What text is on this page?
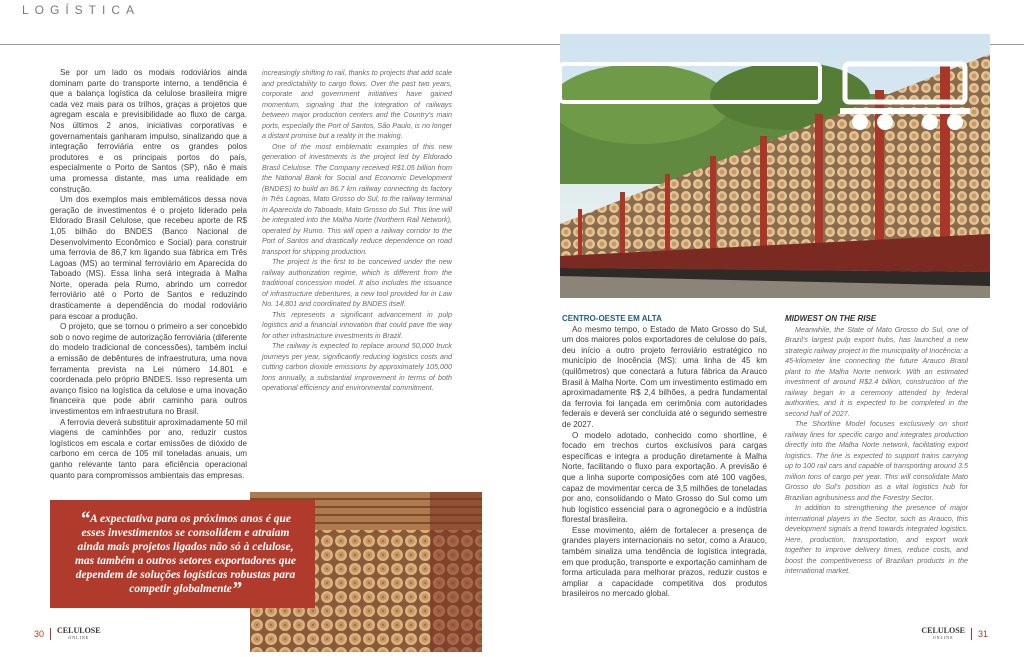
LOGÍSTICA

Se por um lado os modais rodoviários ainda dominam parte do transporte interno, a tendência é que a balança logística da celulose brasileira migre cada vez mais para os trilhos, graças a projetos que agregam escala e previsibilidade ao fluxo de carga. Nos últimos 2 anos, iniciativas corporativas e governamentais ganharam impulso, sinalizando que a integração ferroviária entre os grandes polos produtores e os principais portos do país, especialmente o Porto de Santos (SP), não é mais uma promessa distante, mas uma realidade em construção.

Um dos exemplos mais emblemáticos dessa nova geração de investimentos é o projeto liderado pela Eldorado Brasil Celulose, que recebeu aporte de R$ 1,05 bilhão do BNDES (Banco Nacional de Desenvolvimento Econômico e Social) para construir uma ferrovia de 86,7 km ligando sua fábrica em Três Lagoas (MS) ao terminal ferroviário em Aparecida do Taboado (MS). Essa linha será integrada à Malha Norte, operada pela Rumo, abrindo um corredor ferroviário até o Porto de Santos e reduzindo drasticamente a dependência do modal rodoviário para escoar a produção.

O projeto, que se tornou o primeiro a ser concebido sob o novo regime de autorização ferroviária (diferente do modelo tradicional de concessões), também inclui a emissão de debêntures de infraestrutura, uma nova ferramenta prevista na Lei número 14.801 e coordenada pelo próprio BNDES. Isso representa um avanço físico na logística da celulose e uma inovação financeira que pode abrir caminho para outros investimentos em infraestrutura no Brasil.

A ferrovia deverá substituir aproximadamente 50 mil viagens de caminhões por ano, reduzir custos logísticos em escala e cortar emissões de dióxido de carbono em cerca de 105 mil toneladas anuais, um ganho relevante tanto para eficiência operacional quanto para compromissos ambientais das empresas.

increasingly shifting to rail, thanks to projects that add scale and predictability to cargo flows. Over the past two years, corporate and government initiatives have gained momentum, signaling that the integration of railways between major production centers and the Country's main ports, especially the Port of Santos, São Paulo, is no longer a distant promise but a reality in the making.

One of the most emblematic examples of this new generation of investments is the project led by Eldorado Brasil Celulose. The Company received R$1.05 billion from the National Bank for Social and Economic Development (BNDES) to build an 86.7 km railway connecting its factory in Três Lagoas, Mato Grosso do Sul, to the railway terminal in Aparecida do Taboado, Mato Grosso do Sul. This line will be integrated into the Malha Norte (Northern Rail Network), operated by Rumo. This will open a railway corridor to the Port of Santos and drastically reduce dependence on road transport for shipping production.

The project is the first to be conceived under the new railway authorization regime, which is different from the traditional concession model. It also includes the issuance of infrastructure debentures, a new tool provided for in Law No. 14,801 and coordinated by BNDES itself.

This represents a significant advancement in pulp logistics and a financial innovation that could pave the way for other infrastructure investments in Brazil.

The railway is expected to replace around 50,000 truck journeys per year, significantly reducing logistics costs and cutting carbon dioxide emissions by approximately 105,000 tons annually, a substantial improvement in terms of both operational efficiency and environmental commitment.

“A expectativa para os próximos anos é que esses investimentos se consolidem e atraiam ainda mais projetos ligados não só à celulose, mas também a outros setores exportadores que dependem de soluções logísticas robustas para competir globalmente”
30 CELULOSE
ONLINE

CENTRO-OESTE EM ALTA

Ao mesmo tempo, o Estado de Mato Grosso do Sul, um dos maiores polos exportadores de celulose do país, deu início a outro projeto ferroviário estratégico no município de Inocência (MS): uma linha de 45 km (quilômetros) que conectará a futura fábrica da Arauco Brasil à Malha Norte. Com um investimento estimado em aproximadamente R$ 2,4 bilhões, a pedra fundamental da ferrovia foi lançada em cerimônia com autoridades federais e deverá ser concluída até o segundo semestre de 2027.

O modelo adotado, conhecido como shortline, é focado em trechos curtos exclusivos para cargas específicas e integra a produção diretamente à Malha Norte, facilitando o fluxo para exportação. A previsão é que a linha suporte composições com até 100 vagões, capaz de movimentar cerca de 3,5 milhões de toneladas por ano, consolidando o Mato Grosso do Sul como um hub logístico essencial para o agronegócio e a indústria florestal brasileira.

Esse movimento, além de fortalecer a presença de grandes players internacionais no setor, como a Arauco, também sinaliza uma tendência de logística integrada, em que produção, transporte e exportação caminham de forma articulada para melhorar prazos, reduzir custos e ampliar a capacidade competitiva dos produtos brasileiros no mercado global.

MIDWEST ON THE RISE

Meanwhile, the State of Mato Grosso do Sul, one of Brazil's largest pulp export hubs, has launched a new strategic railway project in the municipality of Inocência: a 45-kilometer line connecting the future Arauco Brasil plant to the Malha Norte network. With an estimated investment of around R$2.4 billion, construction of the railway began in a ceremony attended by federal authorities, and it is expected to be completed in the second half of 2027.

The Shortline Model focuses exclusively on short railway lines for specific cargo and integrates production directly into the Malha Norte network, facilitating export logistics. The line is expected to support trains carrying up to 100 rail cars and capable of transporting around 3.5 million tons of cargo per year. This will consolidate Mato Grosso do Sul's position as a vital logistics hub for Brazilian agribusiness and the Forestry Sector.

In addition to strengthening the presence of major international players in the Sector, such as Arauco, this development signals a trend towards integrated logistics. Here, production, transportation, and export work together to improve delivery times, reduce costs, and boost the competitiveness of Brazilian products in the international market.

CELULOSE
ONLINE	31
